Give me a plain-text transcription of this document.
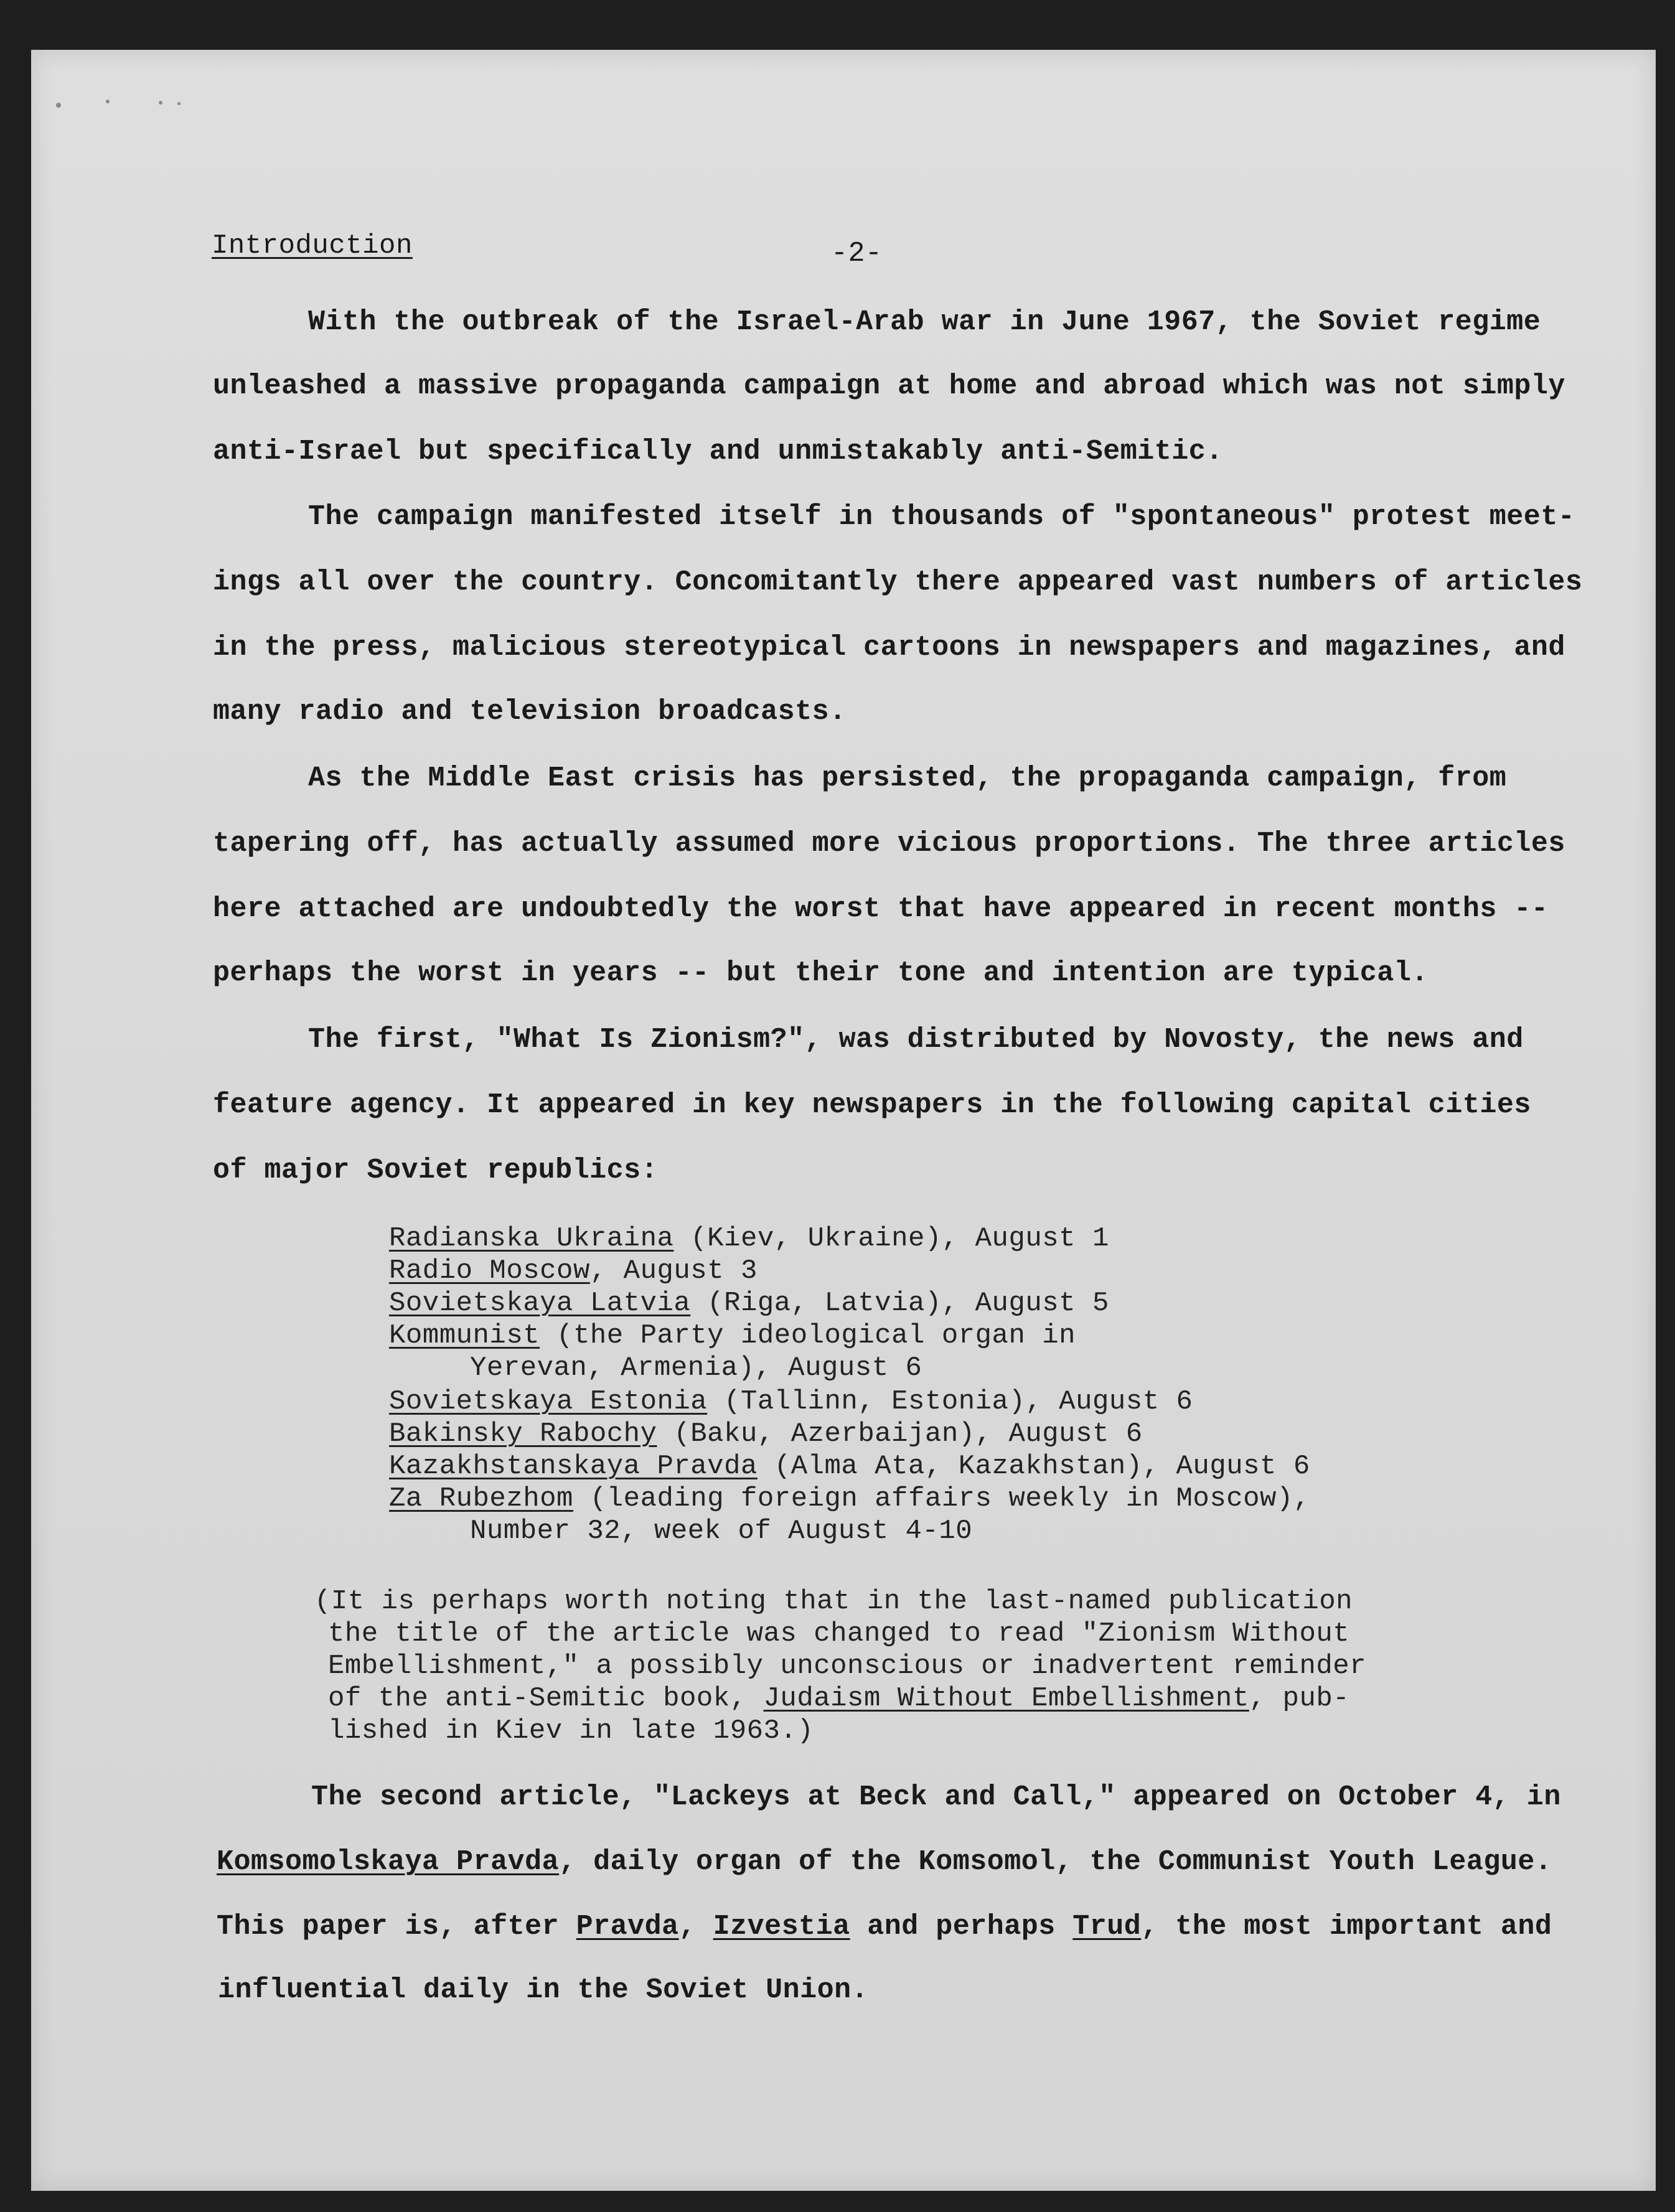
Introduction	-2-
With the outbreak of the Israel-Arab war in June 1967, the Soviet regime
unleashed a massive propaganda campaign at home and abroad which was not simply
anti-Israel but specifically and unmistakably anti-Semitic.
The campaign manifested itself in thousands of "spontaneous" protest meet-
ings all over the country. Concomitantly there appeared vast numbers of articles
in the press, malicious stereotypical cartoons in newspapers and magazines, and
many radio and television broadcasts.
As the Middle East crisis has persisted, the propaganda campaign, from
tapering off, has actually assumed more vicious proportions. The three articles
here attached are undoubtedly the worst that have appeared in recent months --
perhaps the worst in years -- but their tone and intention are typical.
The first, "What Is Zionism?", was distributed by Novosty, the news and
feature agency. It appeared in key newspapers in the following capital cities
of major Soviet republics:
Radianska Ukraina (Kiev, Ukraine), August 1
Radio Moscow, August 3
Sovietskaya Latvia (Riga, Latvia), August 5
Kommunist (the Party ideological organ in
Yerevan, Armenia), August 6
Sovietskaya Estonia (Tallinn, Estonia), August 6
Bakinsky Rabochy (Baku, Azerbaijan), August 6
Kazakhstanskaya Pravda (Alma Ata, Kazakhstan), August 6
Za Rubezhom (leading foreign affairs weekly in Moscow),
Number 32, week of August 4-10
(It is perhaps worth noting that in the last-named publication
the title of the article was changed to read "Zionism Without
Embellishment," a possibly unconscious or inadvertent reminder
of the anti-Semitic book, Judaism Without Embellishment, pub-
lished in Kiev in late 1963.)
The second article, "Lackeys at Beck and Call," appeared on October 4, in
Komsomolskaya Pravda, daily organ of the Komsomol, the Communist Youth League.
This paper is, after Pravda, Izvestia and perhaps Trud, the most important and
influential daily in the Soviet Union.
